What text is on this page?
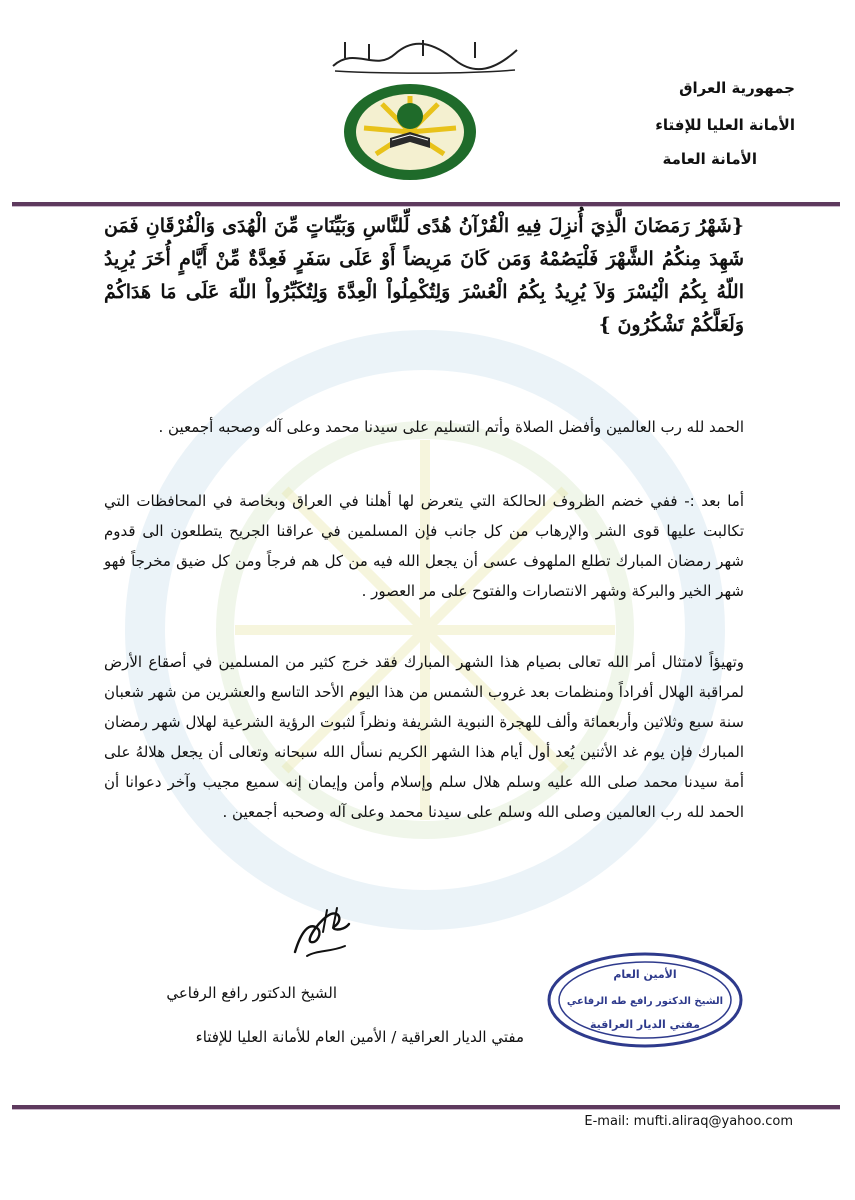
جمهورية العراق
الأمانة العليا للإفتاء
الأمانة العامة
{شَهْرُ رَمَضَانَ الَّذِيَ أُنزِلَ فِيهِ الْقُرْآنُ هُدًى لِّلنَّاسِ وَبَيِّنَاتٍ مِّنَ الْهُدَى وَالْفُرْقَانِ فَمَن شَهِدَ مِنكُمُ الشَّهْرَ فَلْيَصُمْهُ وَمَن كَانَ مَرِيضاً أَوْ عَلَى سَفَرٍ فَعِدَّةٌ مِّنْ أَيَّامٍ أُخَرَ يُرِيدُ اللّهُ بِكُمُ الْيُسْرَ وَلاَ يُرِيدُ بِكُمُ الْعُسْرَ وَلِتُكْمِلُواْ الْعِدَّةَ وَلِتُكَبِّرُواْ اللّهَ عَلَى مَا هَدَاكُمْ وَلَعَلَّكُمْ تَشْكُرُونَ }
الحمد لله رب العالمين وأفضل الصلاة وأتم التسليم على سيدنا محمد وعلى آله وصحبه أجمعين .
أما بعد :- ففي خضم الظروف الحالكة التي يتعرض لها أهلنا في العراق وبخاصة في المحافظات التي تكالبت عليها قوى الشر والإرهاب من كل جانب فإن المسلمين في عراقنا الجريح يتطلعون الى قدوم شهر رمضان المبارك تطلع الملهوف عسى أن يجعل الله فيه من كل هم فرجاً ومن كل ضيق مخرجاً فهو شهر الخير والبركة وشهر الانتصارات والفتوح على مر العصور .
وتهيؤاً لامتثال أمر الله تعالى بصيام هذا الشهر المبارك فقد خرج كثير من المسلمين في أصقاع الأرض لمراقبة الهلال أفراداً ومنظمات بعد غروب الشمس من هذا اليوم الأحد التاسع والعشرين من شهر شعبان سنة سبع وثلاثين وأربعمائة وألف للهجرة النبوية الشريفة ونظراً لثبوت الرؤية الشرعية لهلال شهر رمضان المبارك فإن يوم غد الأثنين يُعد أول أيام هذا الشهر الكريم نسأل الله سبحانه وتعالى أن يجعل هلالهُ على أمة سيدنا محمد صلى الله عليه وسلم هلال سلم وإسلام وأمن وإيمان إنه سميع مجيب وآخر دعوانا أن الحمد لله رب العالمين وصلى الله وسلم على سيدنا محمد وعلى آله وصحبه أجمعين .
الأمين العام
الشيخ الدكتور رافع طه الرفاعي
مفتي الديار العراقية
الشيخ الدكتور رافع الرفاعي
مفتي الديار العراقية / الأمين العام للأمانة العليا للإفتاء
E-mail: mufti.aliraq@yahoo.com
